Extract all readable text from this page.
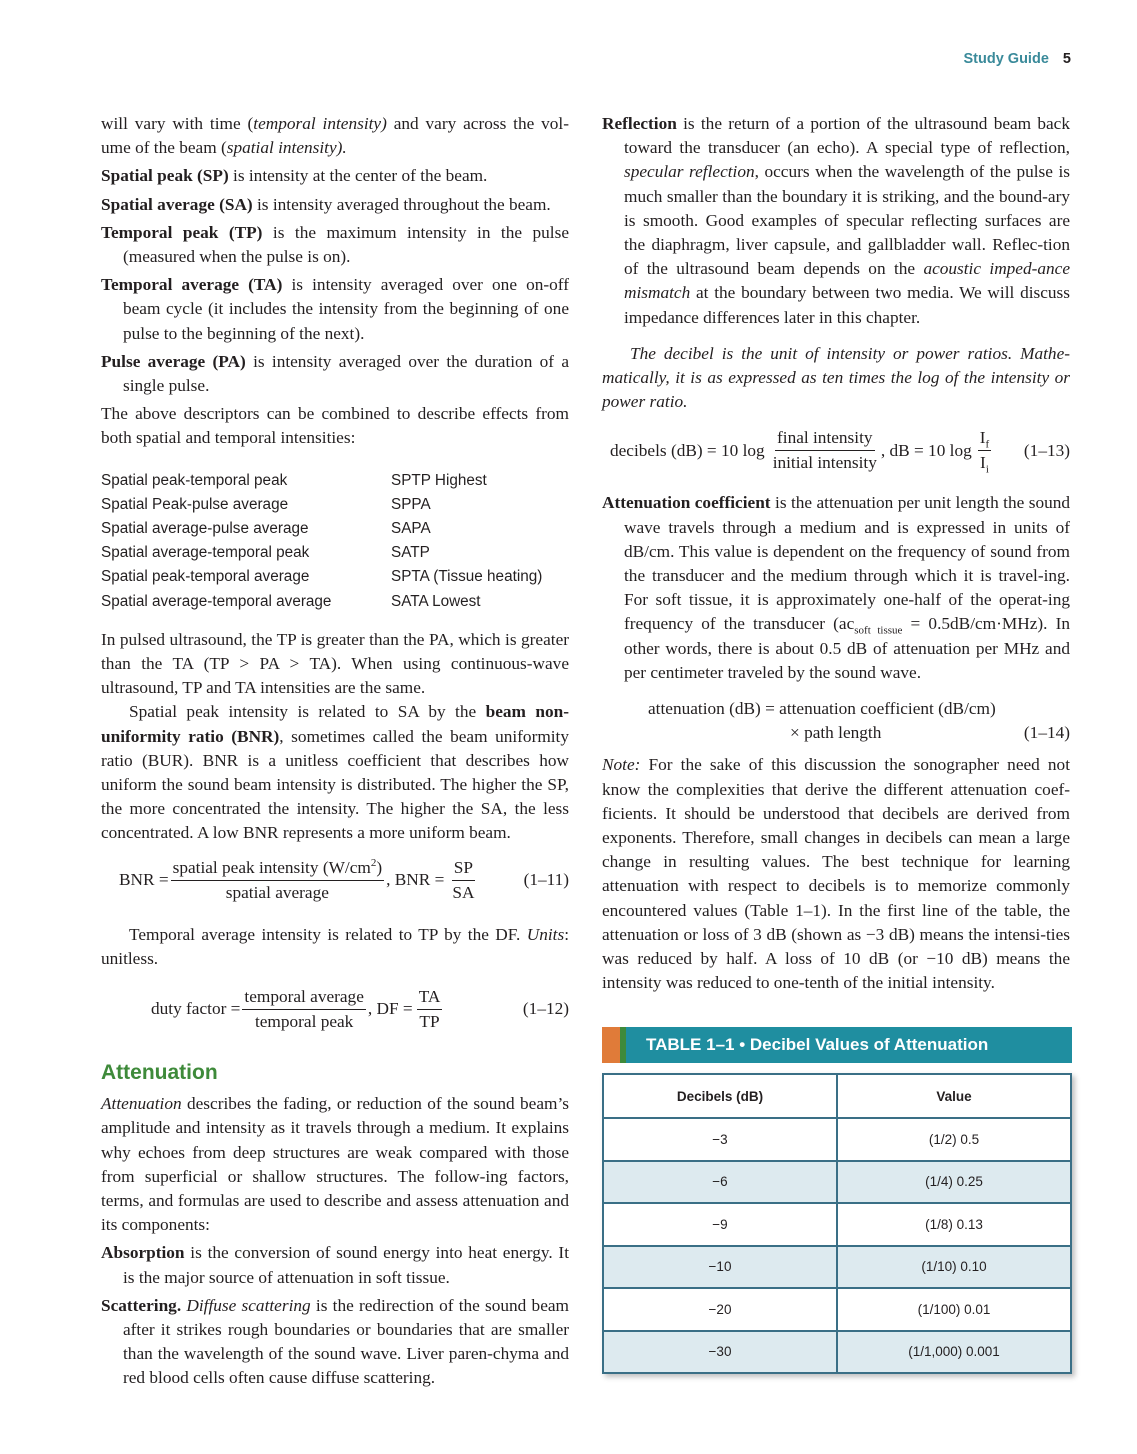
Study Guide 5

will vary with time (temporal intensity) and vary across the vol-ume of the beam (spatial intensity).

Spatial peak (SP) is intensity at the center of the beam.

Spatial average (SA) is intensity averaged throughout the beam.

Temporal peak (TP) is the maximum intensity in the pulse (measured when the pulse is on).

Temporal average (TA) is intensity averaged over one on-off beam cycle (it includes the intensity from the beginning of one pulse to the beginning of the next).

Pulse average (PA) is intensity averaged over the duration of a single pulse.

The above descriptors can be combined to describe effects from both spatial and temporal intensities:

Spatial peak-temporal peak	SPTP Highest
Spatial Peak-pulse average	SPPA
Spatial average-pulse average	SAPA
Spatial average-temporal peak	SATP
Spatial peak-temporal average	SPTA (Tissue heating)
Spatial average-temporal average	SATA Lowest

In pulsed ultrasound, the TP is greater than the PA, which is greater than the TA (TP > PA > TA). When using continuous-wave ultrasound, TP and TA intensities are the same.

Spatial peak intensity is related to SA by the beam non-uniformity ratio (BNR), sometimes called the beam uniformity ratio (BUR). BNR is a unitless coefficient that describes how uniform the sound beam intensity is distributed. The higher the SP, the more concentrated the intensity. The higher the SA, the less concentrated. A low BNR represents a more uniform beam.

BNR = $\frac{spatial peak intensity (W/cm^2)}{\text{spatial average}}$ , BNR = $\frac{SP}{SA}$	(1–11)

Temporal average intensity is related to TP by the DF. Units: unitless.

duty factor = $\frac{\text{temporal average}}{\text{temporal peak}}$ , DF = $\frac{TA}{TP}$	(1–12)
Attenuation

Attenuation describes the fading, or reduction of the sound beam’s amplitude and intensity as it travels through a medium. It explains why echoes from deep structures are weak compared with those from superficial or shallow structures. The follow-ing factors, terms, and formulas are used to describe and assess attenuation and its components:

Absorption is the conversion of sound energy into heat energy. It is the major source of attenuation in soft tissue.

Scattering. Diffuse scattering is the redirection of the sound beam after it strikes rough boundaries or boundaries that are smaller than the wavelength of the sound wave. Liver paren-chyma and red blood cells often cause diffuse scattering.

Reflection is the return of a portion of the ultrasound beam back toward the transducer (an echo). A special type of reflection, specular reflection, occurs when the wavelength of the pulse is much smaller than the boundary it is striking, and the bound-ary is smooth. Good examples of specular reflecting surfaces are the diaphragm, liver capsule, and gallbladder wall. Reflec-tion of the ultrasound beam depends on the acoustic imped-ance mismatch at the boundary between two media. We will discuss impedance differences later in this chapter.

The decibel is the unit of intensity or power ratios. Mathe-matically, it is as expressed as ten times the log of the intensity or power ratio.

decibels (dB) = 10 $\log \frac{\text{final intensity}}{\text{initial intensity}}$ , dB = 10 $\log \frac{I_f}{I_i} (1-13)$

Attenuation coefficient is the attenuation per unit length the sound wave travels through a medium and is expressed in units of dB/cm. This value is dependent on the frequency of sound from the transducer and the medium through which it is travel-ing. For soft tissue, it is approximately one-half of the operat-ing frequency of the transducer $(ac_{soft tissue} = 0.5dB/cm\cdot MHz)$. In other words, there is about 0.5 dB of attenuation per MHz and per centimeter traveled by the sound wave.

attenuation (dB) = attenuation coefficient (dB/cm)
× path length	(1–14)

Note: For the sake of this discussion the sonographer need not know the complexities that derive the different attenuation coef-ficients. It should be understood that decibels are derived from exponents. Therefore, small changes in decibels can mean a large change in resulting values. The best technique for learning attenuation with respect to decibels is to memorize commonly encountered values (Table 1–1). In the first line of the table, the attenuation or loss of 3 dB (shown as −3 dB) means the intensi-ties was reduced by half. A loss of 10 dB (or −10 dB) means the intensity was reduced to one-tenth of the initial intensity.

TABLE 1–1 • Decibel Values of Attenuation
Decibels (dB)	Value
−3	(1/2) 0.5
−6	(1/4) 0.25
−9	(1/8) 0.13
−10	(1/10) 0.10
−20	(1/100) 0.01
−30	(1/1,000) 0.001
